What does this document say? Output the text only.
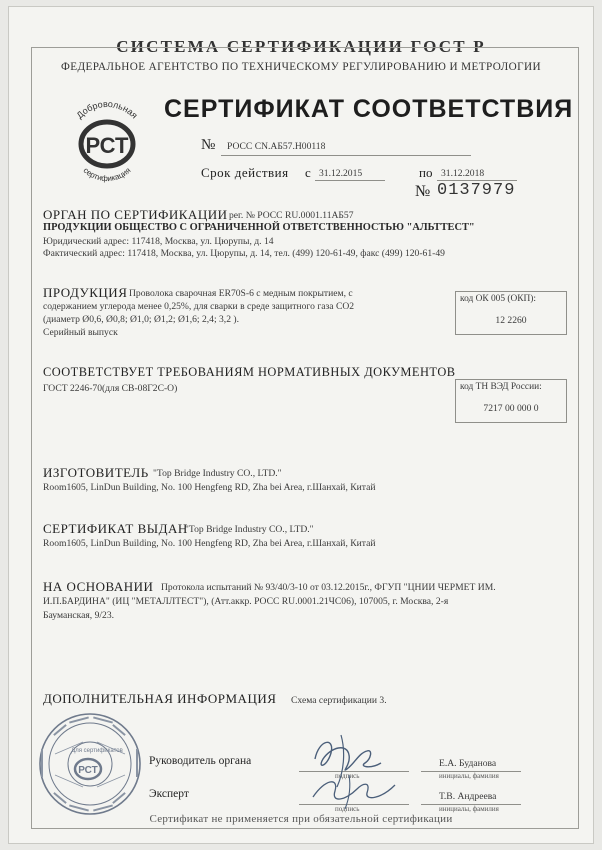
СИСТЕМА СЕРТИФИКАЦИИ ГОСТ Р
ФЕДЕРАЛЬНОЕ АГЕНТСТВО ПО ТЕХНИЧЕСКОМУ РЕГУЛИРОВАНИЮ И МЕТРОЛОГИИ
Добровольная
сертификация
РСТ
СЕРТИФИКАТ СООТВЕТСТВИЯ
№ РОСС CN.АБ57.Н00118
Срок действия с 31.12.2015	по 31.12.2018
№ 0137979
ОРГАН ПО СЕРТИФИКАЦИИ рег. № РОСС RU.0001.11АБ57
ПРОДУКЦИИ ОБЩЕСТВО С ОГРАНИЧЕННОЙ ОТВЕТСТВЕННОСТЬЮ "АЛЬТТЕСТ"
Юридический адрес: 117418, Москва, ул. Цюрупы, д. 14
Фактический адрес: 117418, Москва, ул. Цюрупы, д. 14, тел. (499) 120-61-49, факс (499) 120-61-49
ПРОДУКЦИЯ Проволока сварочная ER70S-6 с медным покрытием, с
содержанием углерода менее 0,25%, для сварки в среде защитного газа CO2
(диаметр Ø0,6, Ø0,8; Ø1,0; Ø1,2; Ø1,6; 2,4; 3,2 ).
Серийный выпуск
код ОК 005 (ОКП):
12 2260
СООТВЕТСТВУЕТ ТРЕБОВАНИЯМ НОРМАТИВНЫХ ДОКУМЕНТОВ
ГОСТ 2246-70(для СВ-08Г2С-О)	код ТН ВЭД России:
7217 00 000 0
ИЗГОТОВИТЕЛЬ "Top Bridge Industry CO., LTD."
Room1605, LinDun Building, No. 100 Hengfeng RD, Zha bei Area, г.Шанхай, Китай
СЕРТИФИКАТ ВЫДАН
"Top Bridge Industry CO., LTD."
Room1605, LinDun Building, No. 100 Hengfeng RD, Zha bei Area, г.Шанхай, Китай
НА ОСНОВАНИИ Протокола испытаний № 93/40/3-10 от 03.12.2015г., ФГУП "ЦНИИ ЧЕРМЕТ ИМ.
И.П.БАРДИНА" (ИЦ "МЕТАЛЛТЕСТ"), (Атт.аккр. РОСС RU.0001.21ЧС06), 107005, г. Москва, 2-я
Бауманская, 9/23.
ДОПОЛНИТЕЛЬНАЯ ИНФОРМАЦИЯ Схема сертификации 3.
Для сертификатов
РСТ
Руководитель органа
подпись
Е.А. Буданова
инициалы, фамилия
Эксперт
подпись
Т.В. Андреева
инициалы, фамилия
Сертификат не применяется при обязательной сертификации
